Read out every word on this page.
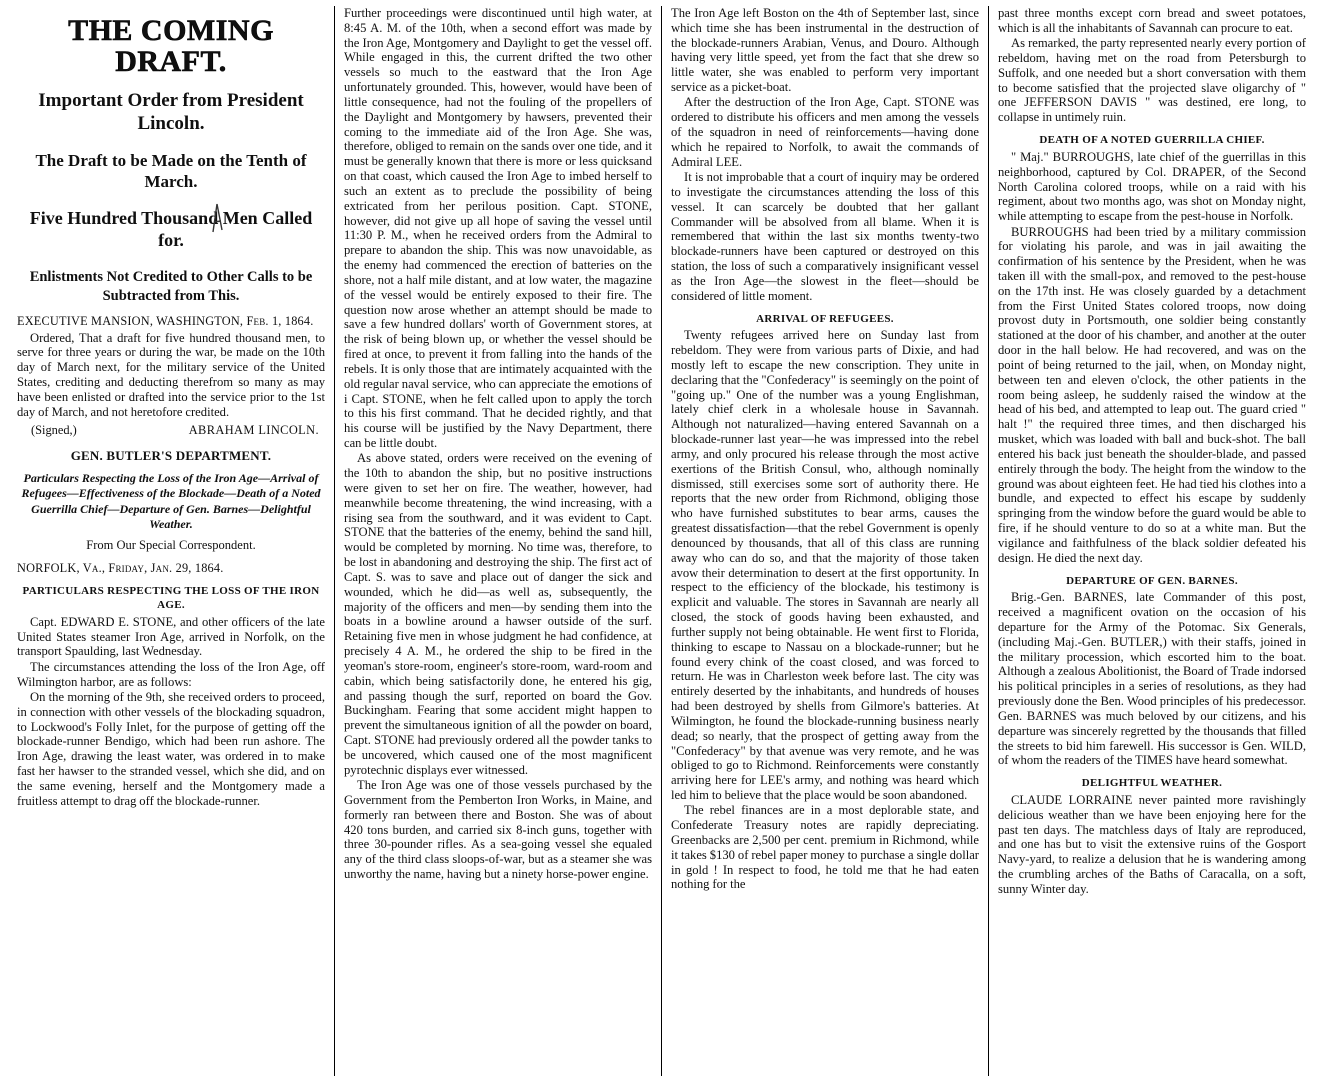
THE COMING DRAFT.
Important Order from President Lincoln.
The Draft to be Made on the Tenth of March.
Five Hundred Thousand Men Called for.
Enlistments Not Credited to Other Calls to be Subtracted from This.
EXECUTIVE MANSION, WASHINGTON, Feb. 1, 1864.

Ordered, That a draft for five hundred thousand men, to serve for three years or during the war, be made on the 10th day of March next, for the military service of the United States, crediting and deducting therefrom so many as may have been enlisted or drafted into the service prior to the 1st day of March, and not heretofore credited.

(Signed,)	ABRAHAM LINCOLN.
GEN. BUTLER'S DEPARTMENT.
Particulars Respecting the Loss of the Iron Age—Arrival of Refugees—Effectiveness of the Blockade—Death of a Noted Guerrilla Chief—Departure of Gen. Barnes—Delightful Weather.
From Our Special Correspondent.
NORFOLK, Va., Friday, Jan. 29, 1864.
PARTICULARS RESPECTING THE LOSS OF THE IRON AGE.

Capt. EDWARD E. STONE, and other officers of the late United States steamer Iron Age, arrived in Norfolk, on the transport Spaulding, last Wednesday.

The circumstances attending the loss of the Iron Age, off Wilmington harbor, are as follows:

On the morning of the 9th, she received orders to proceed, in connection with other vessels of the blockading squadron, to Lockwood's Folly Inlet, for the purpose of getting off the blockade-runner Bendigo, which had been run ashore. The Iron Age, drawing the least water, was ordered in to make fast her hawser to the stranded vessel, which she did, and on the same evening, herself and the Montgomery made a fruitless attempt to drag off the blockade-runner.

Further proceedings were discontinued until high water, at 8:45 A. M. of the 10th, when a second effort was made by the Iron Age, Montgomery and Daylight to get the vessel off. While engaged in this, the current drifted the two other vessels so much to the eastward that the Iron Age unfortunately grounded. This, however, would have been of little consequence, had not the fouling of the propellers of the Daylight and Montgomery by hawsers, prevented their coming to the immediate aid of the Iron Age. She was, therefore, obliged to remain on the sands over one tide, and it must be generally known that there is more or less quicksand on that coast, which caused the Iron Age to imbed herself to such an extent as to preclude the possibility of being extricated from her perilous position. Capt. STONE, however, did not give up all hope of saving the vessel until 11:30 P. M., when he received orders from the Admiral to prepare to abandon the ship. This was now unavoidable, as the enemy had commenced the erection of batteries on the shore, not a half mile distant, and at low water, the magazine of the vessel would be entirely exposed to their fire. The question now arose whether an attempt should be made to save a few hundred dollars' worth of Government stores, at the risk of being blown up, or whether the vessel should be fired at once, to prevent it from falling into the hands of the rebels. It is only those that are intimately acquainted with the old regular naval service, who can appreciate the emotions of i Capt. STONE, when he felt called upon to apply the torch to this his first command. That he decided rightly, and that his course will be justified by the Navy Department, there can be little doubt.

As above stated, orders were received on the evening of the 10th to abandon the ship, but no positive instructions were given to set her on fire. The weather, however, had meanwhile become threatening, the wind increasing, with a rising sea from the southward, and it was evident to Capt. STONE that the batteries of the enemy, behind the sand hill, would be completed by morning. No time was, therefore, to be lost in abandoning and destroying the ship. The first act of Capt. S. was to save and place out of danger the sick and wounded, which he did—as well as, subsequently, the majority of the officers and men—by sending them into the boats in a bowline around a hawser outside of the surf. Retaining five men in whose judgment he had confidence, at precisely 4 A. M., he ordered the ship to be fired in the yeoman's store-room, engineer's store-room, ward-room and cabin, which being satisfactorily done, he entered his gig, and passing though the surf, reported on board the Gov. Buckingham. Fearing that some accident might happen to prevent the simultaneous ignition of all the powder on board, Capt. STONE had previously ordered all the powder tanks to be uncovered, which caused one of the most magnificent pyrotechnic displays ever witnessed.

The Iron Age was one of those vessels purchased by the Government from the Pemberton Iron Works, in Maine, and formerly ran between there and Boston. She was of about 420 tons burden, and carried six 8-inch guns, together with three 30-pounder rifles. As a sea-going vessel she equaled any of the third class sloops-of-war, but as a steamer she was unworthy the name, having but a ninety horse-power engine.

The Iron Age left Boston on the 4th of September last, since which time she has been instrumental in the destruction of the blockade-runners Arabian, Venus, and Douro. Although having very little speed, yet from the fact that she drew so little water, she was enabled to perform very important service as a picket-boat.

After the destruction of the Iron Age, Capt. STONE was ordered to distribute his officers and men among the vessels of the squadron in need of reinforcements—having done which he repaired to Norfolk, to await the commands of Admiral LEE.

It is not improbable that a court of inquiry may be ordered to investigate the circumstances attending the loss of this vessel. It can scarcely be doubted that her gallant Commander will be absolved from all blame. When it is remembered that within the last six months twenty-two blockade-runners have been captured or destroyed on this station, the loss of such a comparatively insignificant vessel as the Iron Age—the slowest in the fleet—should be considered of little moment.

ARRIVAL OF REFUGEES.

Twenty refugees arrived here on Sunday last from rebeldom. They were from various parts of Dixie, and had mostly left to escape the new conscription. They unite in declaring that the "Confederacy" is seemingly on the point of "going up." One of the number was a young Englishman, lately chief clerk in a wholesale house in Savannah. Although not naturalized—having entered Savannah on a blockade-runner last year—he was impressed into the rebel army, and only procured his release through the most active exertions of the British Consul, who, although nominally dismissed, still exercises some sort of authority there. He reports that the new order from Richmond, obliging those who have furnished substitutes to bear arms, causes the greatest dissatisfaction—that the rebel Government is openly denounced by thousands, that all of this class are running away who can do so, and that the majority of those taken avow their determination to desert at the first opportunity. In respect to the efficiency of the blockade, his testimony is explicit and valuable. The stores in Savannah are nearly all closed, the stock of goods having been exhausted, and further supply not being obtainable. He went first to Florida, thinking to escape to Nassau on a blockade-runner; but he found every chink of the coast closed, and was forced to return. He was in Charleston week before last. The city was entirely deserted by the inhabitants, and hundreds of houses had been destroyed by shells from Gilmore's batteries. At Wilmington, he found the blockade-running business nearly dead; so nearly, that the prospect of getting away from the "Confederacy" by that avenue was very remote, and he was obliged to go to Richmond. Reinforcements were constantly arriving here for LEE's army, and nothing was heard which led him to believe that the place would be soon abandoned.

The rebel finances are in a most deplorable state, and Confederate Treasury notes are rapidly depreciating. Greenbacks are 2,500 per cent. premium in Richmond, while it takes $130 of rebel paper money to purchase a single dollar in gold ! In respect to food, he told me that he had eaten nothing for the

past three months except corn bread and sweet potatoes, which is all the inhabitants of Savannah can procure to eat.

As remarked, the party represented nearly every portion of rebeldom, having met on the road from Petersburgh to Suffolk, and one needed but a short conversation with them to become satisfied that the projected slave oligarchy of " one JEFFERSON DAVIS " was destined, ere long, to collapse in untimely ruin.

DEATH OF A NOTED GUERRILLA CHIEF.

" Maj." BURROUGHS, late chief of the guerrillas in this neighborhood, captured by Col. DRAPER, of the Second North Carolina colored troops, while on a raid with his regiment, about two months ago, was shot on Monday night, while attempting to escape from the pest-house in Norfolk.

BURROUGHS had been tried by a military commission for violating his parole, and was in jail awaiting the confirmation of his sentence by the President, when he was taken ill with the small-pox, and removed to the pest-house on the 17th inst. He was closely guarded by a detachment from the First United States colored troops, now doing provost duty in Portsmouth, one soldier being constantly stationed at the door of his chamber, and another at the outer door in the hall below. He had recovered, and was on the point of being returned to the jail, when, on Monday night, between ten and eleven o'clock, the other patients in the room being asleep, he suddenly raised the window at the head of his bed, and attempted to leap out. The guard cried " halt !" the required three times, and then discharged his musket, which was loaded with ball and buck-shot. The ball entered his back just beneath the shoulder-blade, and passed entirely through the body. The height from the window to the ground was about eighteen feet. He had tied his clothes into a bundle, and expected to effect his escape by suddenly springing from the window before the guard would be able to fire, if he should venture to do so at a white man. But the vigilance and faithfulness of the black soldier defeated his design. He died the next day.

DEPARTURE OF GEN. BARNES.

Brig.-Gen. BARNES, late Commander of this post, received a magnificent ovation on the occasion of his departure for the Army of the Potomac. Six Generals, (including Maj.-Gen. BUTLER,) with their staffs, joined in the military procession, which escorted him to the boat. Although a zealous Abolitionist, the Board of Trade indorsed his political principles in a series of resolutions, as they had previously done the Ben. Wood principles of his predecessor. Gen. BARNES was much beloved by our citizens, and his departure was sincerely regretted by the thousands that filled the streets to bid him farewell. His successor is Gen. WILD, of whom the readers of the TIMES have heard somewhat.

DELIGHTFUL WEATHER.

CLAUDE LORRAINE never painted more ravishingly delicious weather than we have been enjoying here for the past ten days. The matchless days of Italy are reproduced, and one has but to visit the extensive ruins of the Gosport Navy-yard, to realize a delusion that he is wandering among the crumbling arches of the Baths of Caracalla, on a soft, sunny Winter day.
